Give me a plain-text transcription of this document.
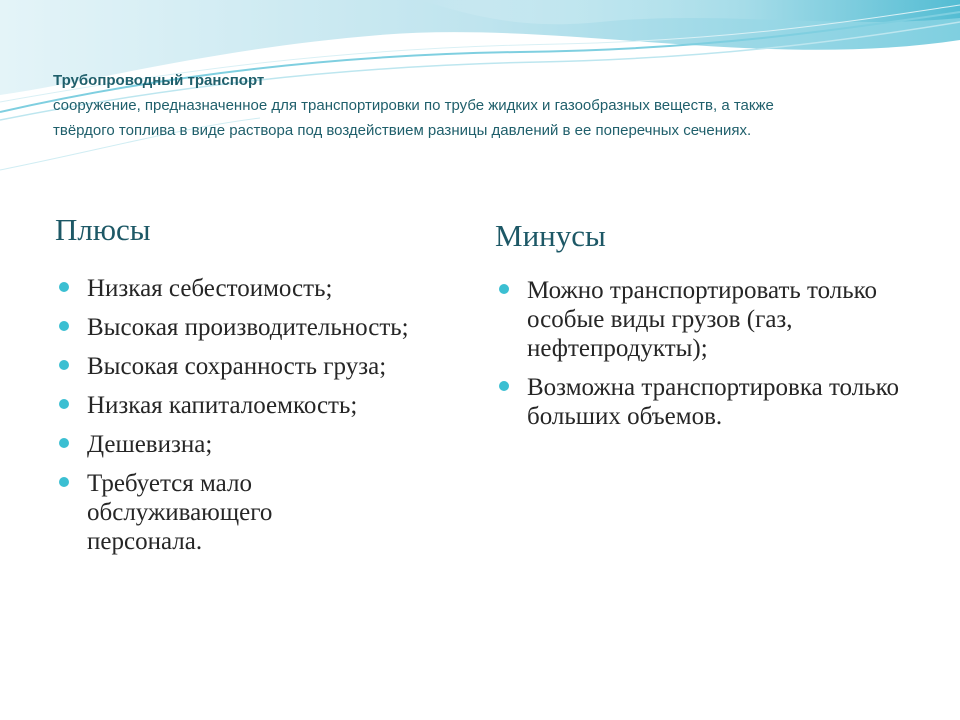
Трубопроводный транспорт
сооружение, предназначенное для транспортировки по трубе жидких и газообразных веществ, а также
твёрдого топлива в виде раствора под воздействием разницы давлений в ее поперечных сечениях.
Плюсы
Низкая себестоимость;
Высокая производительность;
Высокая сохранность груза;
Низкая капиталоемкость;
Дешевизна;
Требуется мало обслуживающего персонала.
Минусы
Можно транспортировать только особые виды грузов (газ, нефтепродукты);
Возможна транспортировка только больших объемов.
